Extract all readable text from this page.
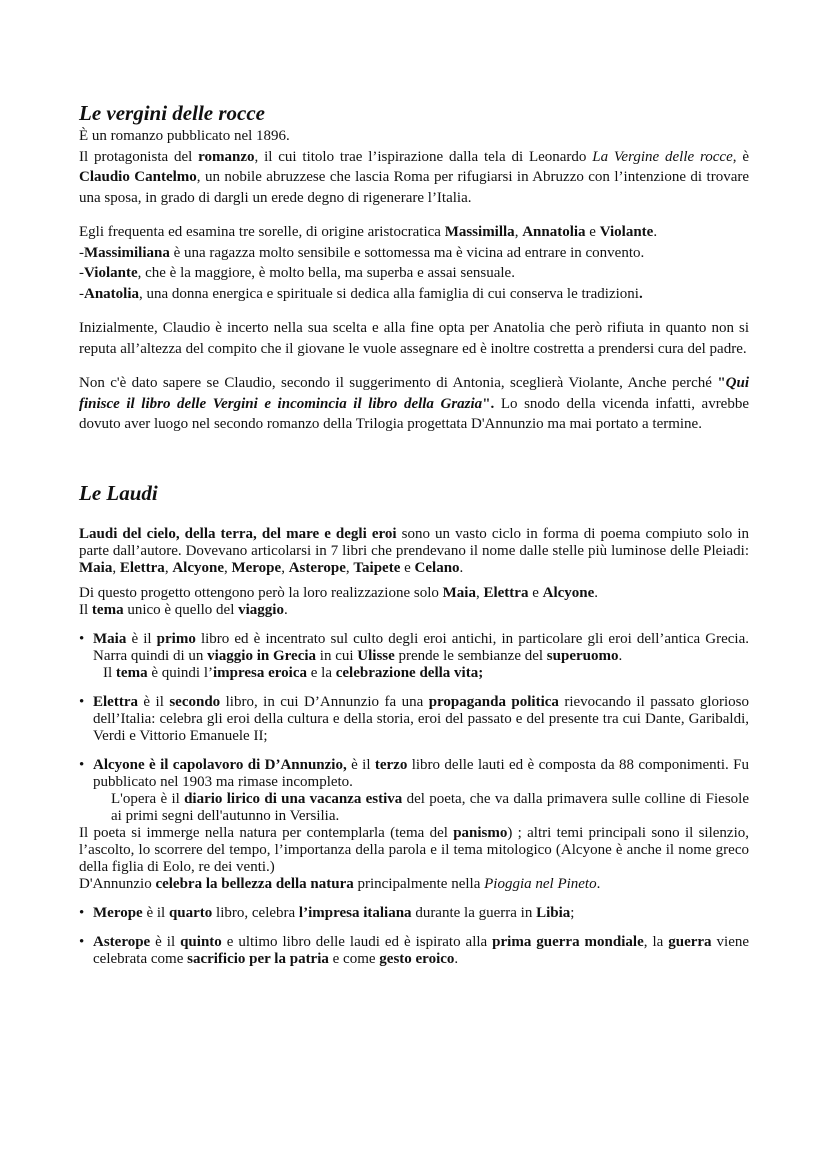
Le vergini delle rocce

È un romanzo pubblicato nel 1896.

Il protagonista del romanzo, il cui titolo trae l’ispirazione dalla tela di Leonardo La Vergine delle rocce, è Claudio Cantelmo, un nobile abruzzese che lascia Roma per rifugiarsi in Abruzzo con l’intenzione di trovare una sposa, in grado di dargli un erede degno di rigenerare l’Italia.

Egli frequenta ed esamina tre sorelle, di origine aristocratica Massimilla, Annatolia e Violante.

-Massimiliana è una ragazza molto sensibile e sottomessa ma è vicina ad entrare in convento.

-Violante, che è la maggiore, è molto bella, ma superba e assai sensuale.

-Anatolia, una donna energica e spirituale si dedica alla famiglia di cui conserva le tradizioni.

Inizialmente, Claudio è incerto nella sua scelta e alla fine opta per Anatolia che però rifiuta in quanto non si reputa all’altezza del compito che il giovane le vuole assegnare ed è inoltre costretta a prendersi cura del padre.

Non c'è dato sapere se Claudio, secondo il suggerimento di Antonia, sceglierà Violante, Anche perché "Qui finisce il libro delle Vergini e incomincia il libro della Grazia". Lo snodo della vicenda infatti, avrebbe dovuto aver luogo nel secondo romanzo della Trilogia progettata D'Annunzio ma mai portato a termine.

Le Laudi

Laudi del cielo, della terra, del mare e degli eroi sono un vasto ciclo in forma di poema compiuto solo in parte dall’autore. Dovevano articolarsi in 7 libri che prendevano il nome dalle stelle più luminose delle Pleiadi: Maia, Elettra, Alcyone, Merope, Asterope, Taipete e Celano.

Di questo progetto ottengono però la loro realizzazione solo Maia, Elettra e Alcyone.

Il tema unico è quello del viaggio.

• Maia è il primo libro ed è incentrato sul culto degli eroi antichi, in particolare gli eroi dell’antica Grecia. Narra quindi di un viaggio in Grecia in cui Ulisse prende le sembianze del superuomo.
Il tema è quindi l’impresa eroica e la celebrazione della vita;
• Elettra è il secondo libro, in cui D’Annunzio fa una propaganda politica rievocando il passato glorioso dell’Italia: celebra gli eroi della cultura e della storia, eroi del passato e del presente tra cui Dante, Garibaldi, Verdi e Vittorio Emanuele II;
• Alcyone è il capolavoro di D’Annunzio, è il terzo libro delle lauti ed è composta da 88 componimenti. Fu pubblicato nel 1903 ma rimase incompleto.
L'opera è il diario lirico di una vacanza estiva del poeta, che va dalla primavera sulle colline di Fiesole ai primi segni dell'autunno in Versilia.

Il poeta si immerge nella natura per contemplarla (tema del panismo) ; altri temi principali sono il silenzio, l’ascolto, lo scorrere del tempo, l’importanza della parola e il tema mitologico (Alcyone è anche il nome greco della figlia di Eolo, re dei venti.)

D'Annunzio celebra la bellezza della natura principalmente nella Pioggia nel Pineto.

• Merope è il quarto libro, celebra l’impresa italiana durante la guerra in Libia;
• Asterope è il quinto e ultimo libro delle laudi ed è ispirato alla prima guerra mondiale, la guerra viene celebrata come sacrificio per la patria e come gesto eroico.
